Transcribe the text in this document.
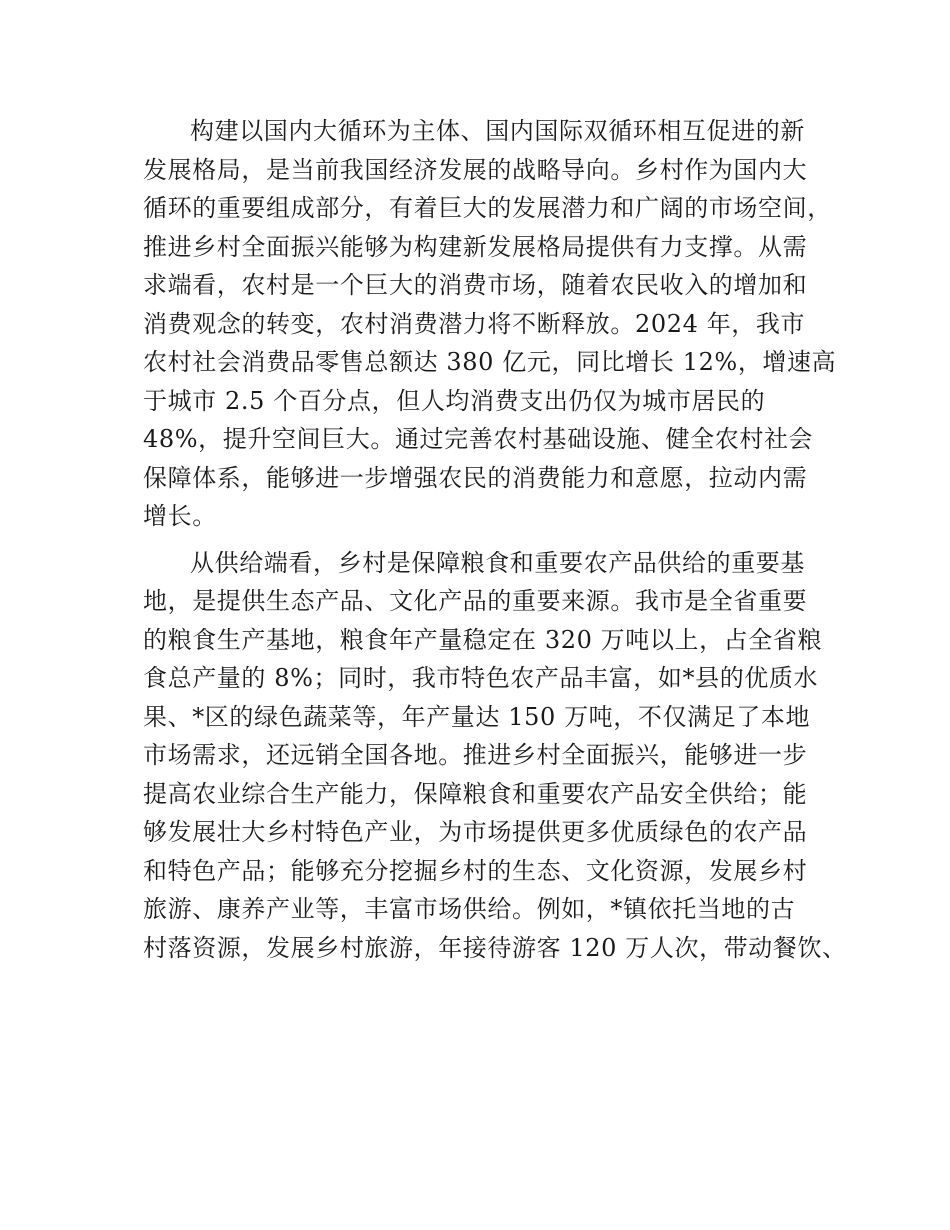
构建以国内大循环为主体、国内国际双循环相互促进的新
发展格局，是当前我国经济发展的战略导向。乡村作为国内大
循环的重要组成部分，有着巨大的发展潜力和广阔的市场空间，
推进乡村全面振兴能够为构建新发展格局提供有力支撑。从需
求端看，农村是一个巨大的消费市场，随着农民收入的增加和
消费观念的转变，农村消费潜力将不断释放。2024 年，我市
农村社会消费品零售总额达 380 亿元，同比增长 12%，增速高
于城市 2.5 个百分点，但人均消费支出仍仅为城市居民的
48%，提升空间巨大。通过完善农村基础设施、健全农村社会
保障体系，能够进一步增强农民的消费能力和意愿，拉动内需
增长。
从供给端看，乡村是保障粮食和重要农产品供给的重要基
地，是提供生态产品、文化产品的重要来源。我市是全省重要
的粮食生产基地，粮食年产量稳定在 320 万吨以上，占全省粮
食总产量的 8%；同时，我市特色农产品丰富，如*县的优质水
果、*区的绿色蔬菜等，年产量达 150 万吨，不仅满足了本地
市场需求，还远销全国各地。推进乡村全面振兴，能够进一步
提高农业综合生产能力，保障粮食和重要农产品安全供给；能
够发展壮大乡村特色产业，为市场提供更多优质绿色的农产品
和特色产品；能够充分挖掘乡村的生态、文化资源，发展乡村
旅游、康养产业等，丰富市场供给。例如，*镇依托当地的古
村落资源，发展乡村旅游，年接待游客 120 万人次，带动餐饮、
